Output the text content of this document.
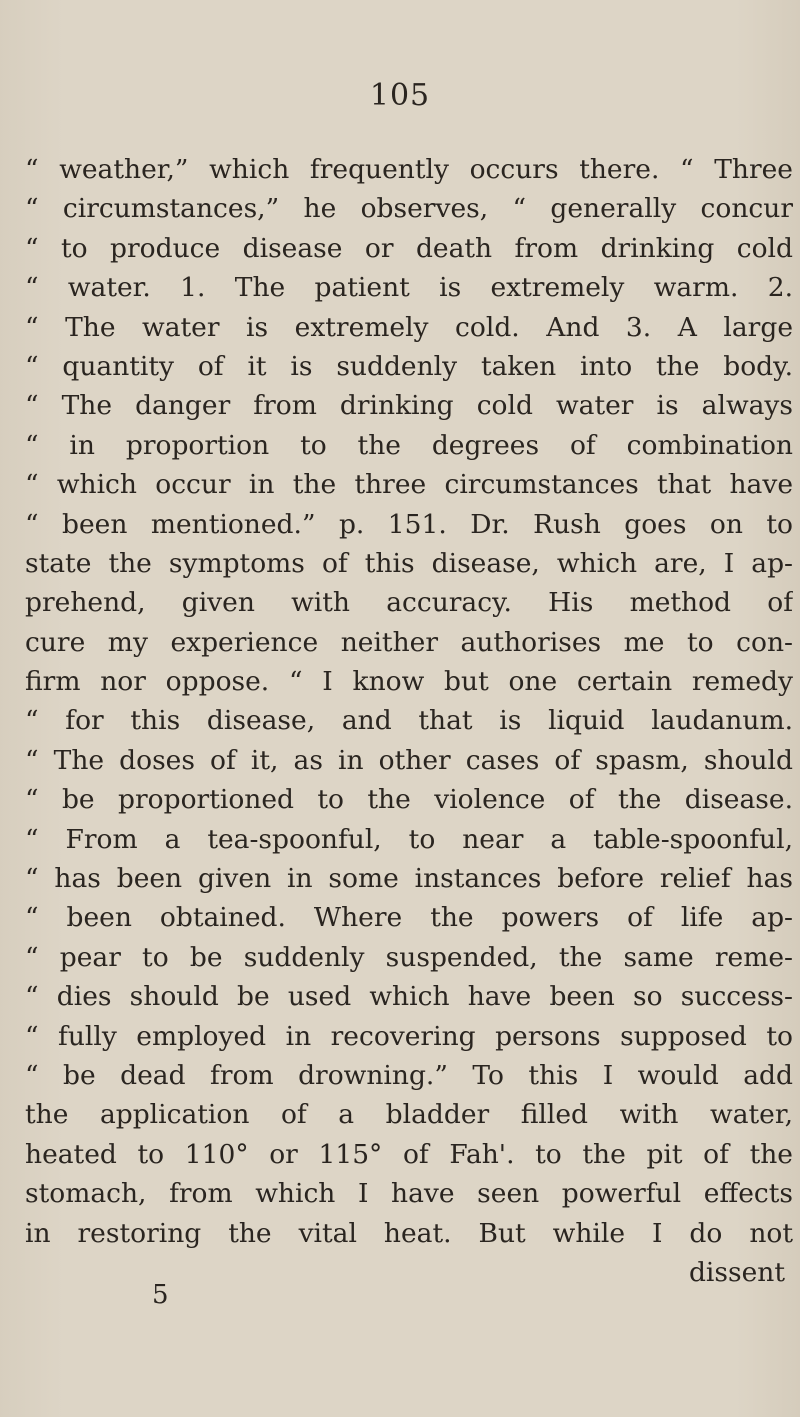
105
“ weather,” which frequently occurs there. “ Three
“ circumstances,” he observes, “ generally concur
“ to produce disease or death from drinking cold
“ water. 1. The patient is extremely warm. 2.
“ The water is extremely cold. And 3. A large
“ quantity of it is suddenly taken into the body.
“ The danger from drinking cold water is always
“ in proportion to the degrees of combination
“ which occur in the three circumstances that have
“ been mentioned.” p. 151. Dr. Rush goes on to
state the symptoms of this disease, which are, I ap-
prehend, given with accuracy. His method of
cure my experience neither authorises me to con-
firm nor oppose. “ I know but one certain remedy
“ for this disease, and that is liquid laudanum.
“ The doses of it, as in other cases of spasm, should
“ be proportioned to the violence of the disease.
“ From a tea-spoonful, to near a table-spoonful,
“ has been given in some instances before relief has
“ been obtained. Where the powers of life ap-
“ pear to be suddenly suspended, the same reme-
“ dies should be used which have been so success-
“ fully employed in recovering persons supposed to
“ be dead from drowning.” To this I would add
the application of a bladder filled with water,
heated to 110° or 115° of Fah'. to the pit of the
stomach, from which I have seen powerful effects
in restoring the vital heat. But while I do not
dissent
5
